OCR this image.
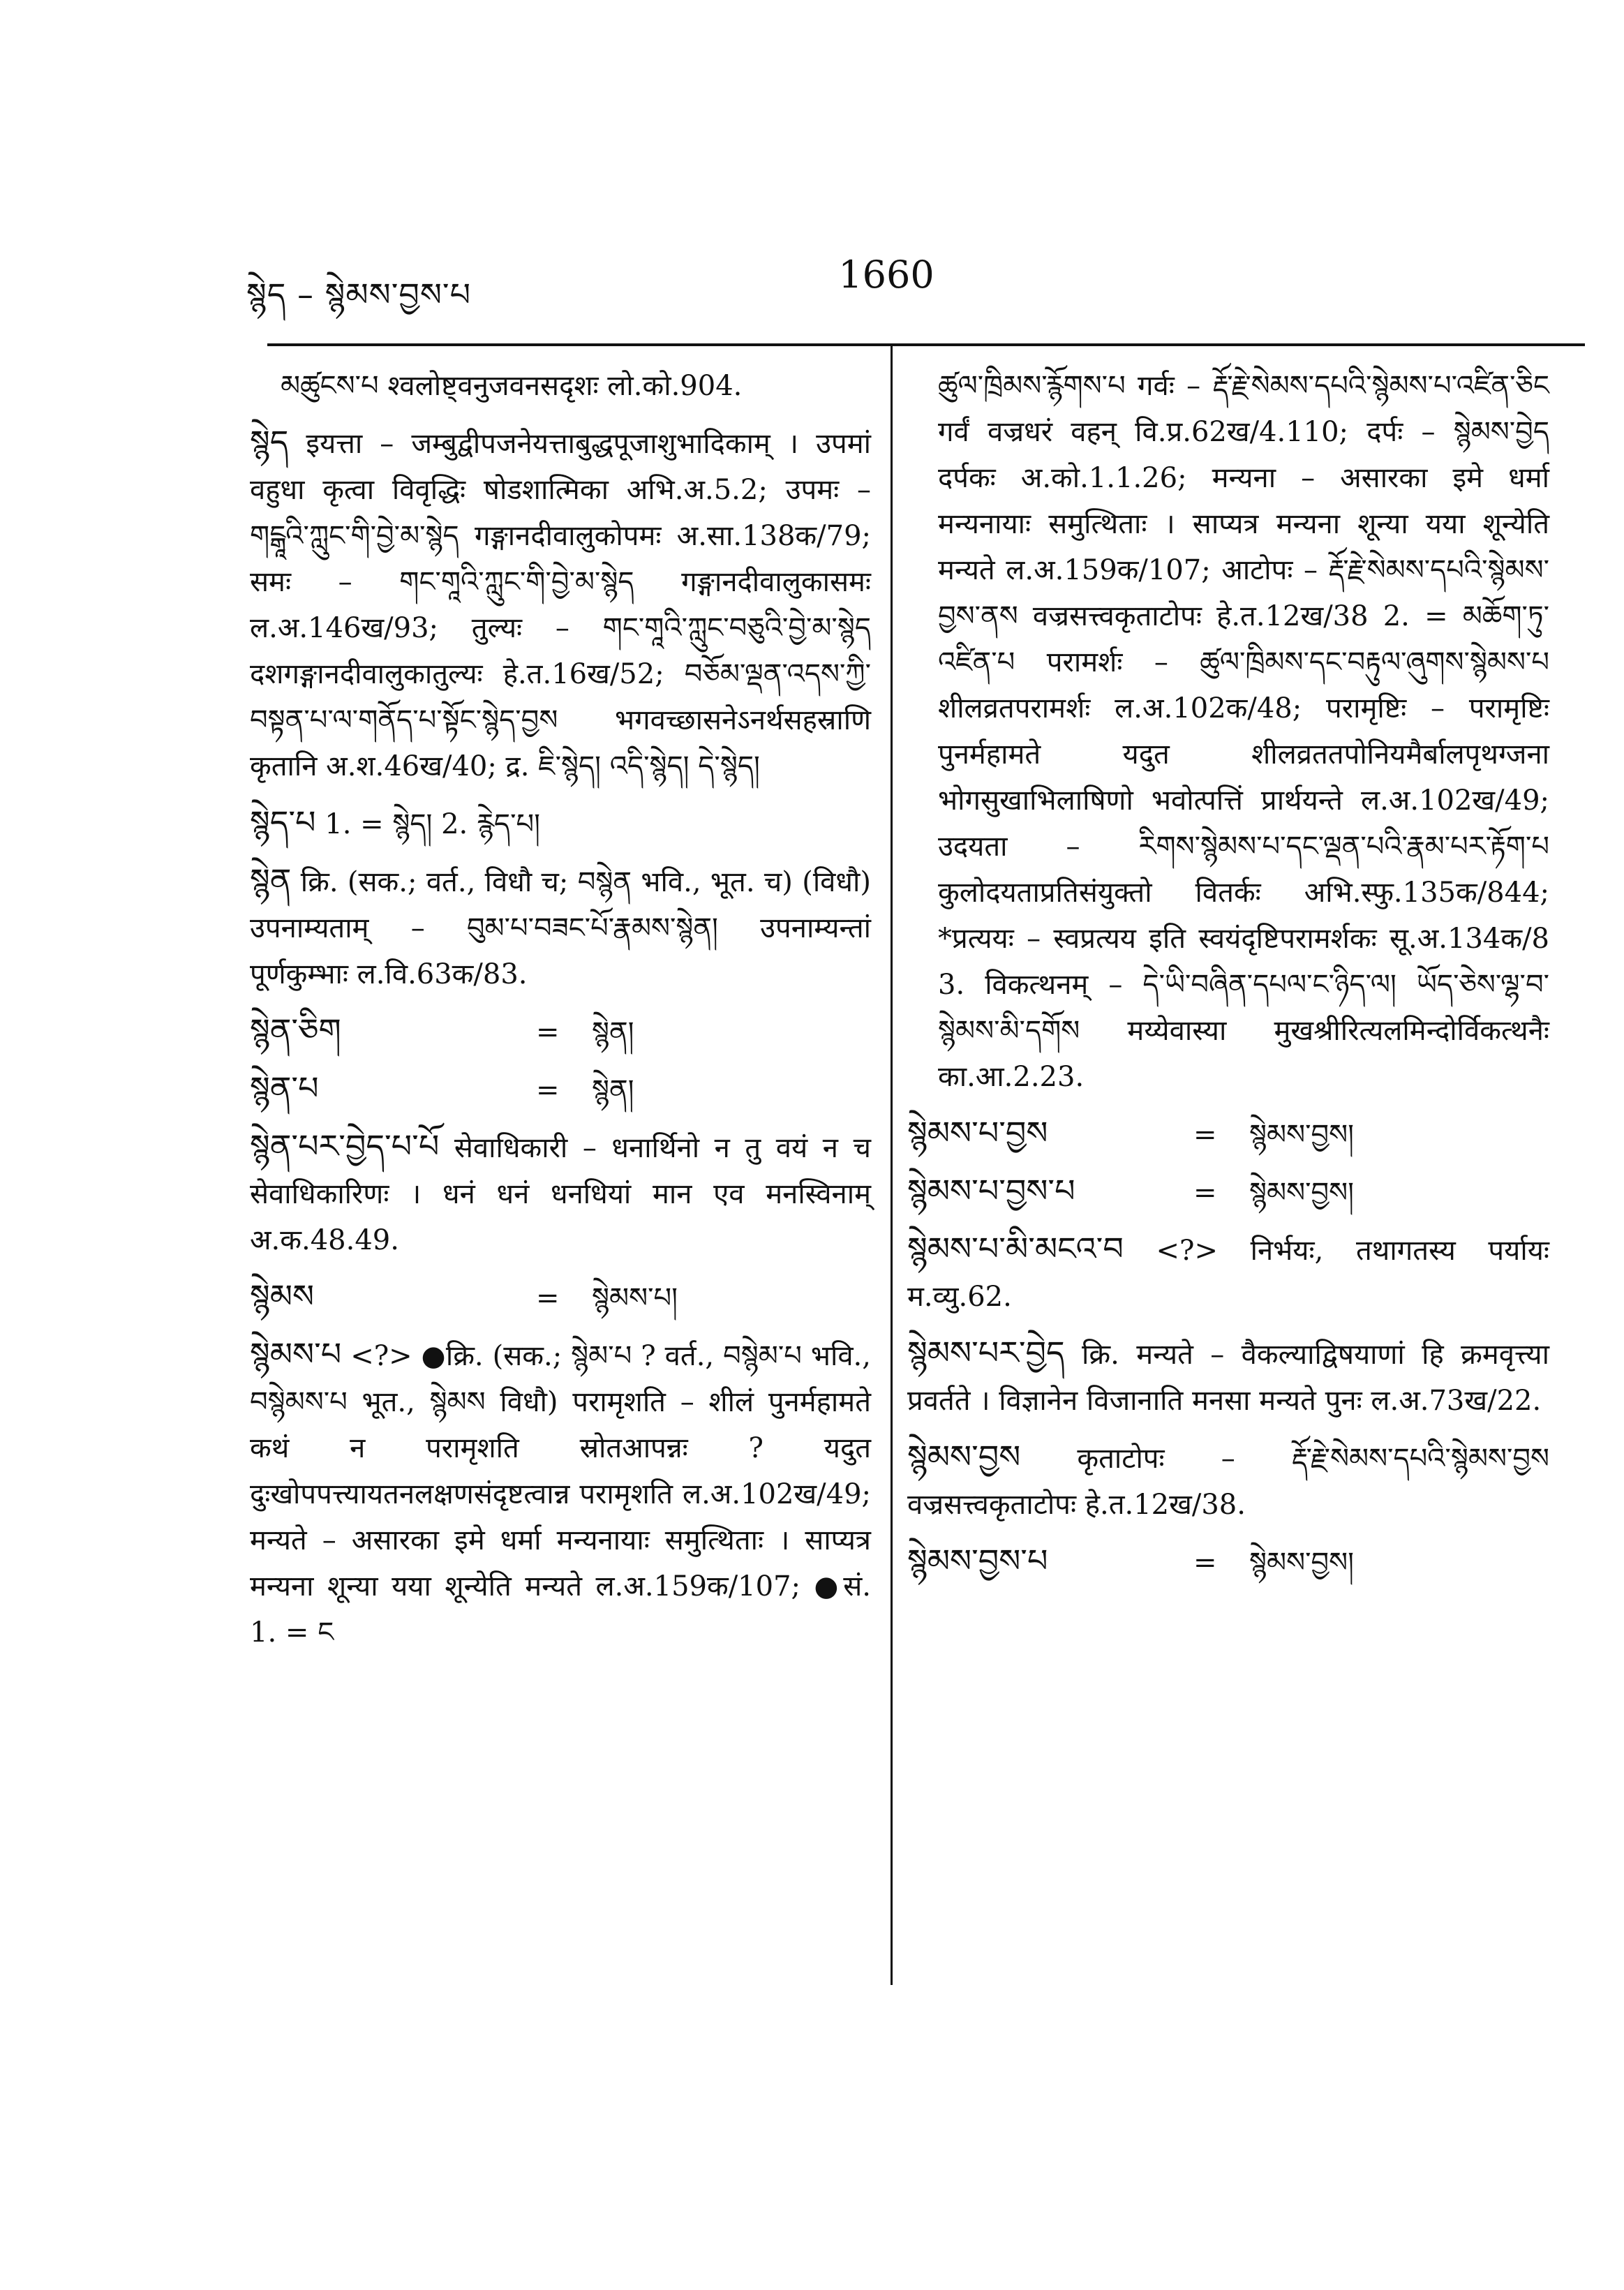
སྙེད – སྙེམས་བྱས་པ	1660
མཚུངས་པ श्वलोष्ट्वनुजवनसदृशः लो.को.904.
སྙེད इयत्ता – जम्बुद्वीपजनेयत्ताबुद्धपूजाशुभादिकाम् । उपमां वहुधा कृत्वा विवृद्धिः षोडशात्मिका अभि.अ.5.2; उपमः – གངྒཱའི་ཀླུང་གི་བྱེ་མ་སྙེད गङ्गानदीवालुकोपमः अ.सा.138क/79; समः – གང་གཱའི་ཀླུང་གི་བྱེ་མ་སྙེད गङ्गानदीवालुकासमः ल.अ.146ख/93; तुल्यः – གང་གཱའི་ཀླུང་བཅུའི་བྱེ་མ་སྙེད दशगङ्गानदीवालुकातुल्यः हे.त.16ख/52; བཅོམ་ལྡན་འདས་ཀྱི་བསྟན་པ་ལ་གནོད་པ་སྟོང་སྙེད་བྱས भगवच्छासनेऽनर्थसहस्राणि कृतानि अ.श.46ख/40; द्र. ཇི་སྙེད། འདི་སྙེད། དེ་སྙེད།
སྙེད་པ 1. = སྙེད། 2. རྙེད་པ།
སྙེན क्रि. (सक.; वर्त., विधौ च; བསྙེན भवि., भूत. च) (विधौ) उपनाम्यताम् – བུམ་པ་བཟང་པོ་རྣམས་སྙེན། उपनाम्यन्तां पूर्णकुम्भाः ल.वि.63क/83.
སྙེན་ཅིག	=	སྙེན།
སྙེན་པ	=	སྙེན།
སྙེན་པར་བྱེད་པ་པོ सेवाधिकारी – धनार्थिनो न तु वयं न च सेवाधिकारिणः । धनं धनं धनधियां मान एव मनस्विनाम् अ.क.48.49.
སྙེམས	=	སྙེམས་པ།
སྙེམས་པ <?> ●क्रि. (सक.; སྙེམ་པ ? वर्त., བསྙེམ་པ भवि., བསྙེམས་པ भूत., སྙེམས विधौ) परामृशति – शीलं पुनर्महामते कथं न परामृशति स्रोतआपन्नः ? यदुत दुःखोपपत्त्यायतनलक्षणसंदृष्टत्वान्न परामृशति ल.अ.102ख/49; मन्यते – असारका इमे धर्मा मन्यनायाः समुत्थिताः । साप्यत्र मन्यना शून्या यया शून्येति मन्यते ल.अ.159क/107; ●सं. 1. = ང
ཚུལ་ཁྲིམས་རྙོགས་པ गर्वः – རྡོ་རྗེ་སེམས་དཔའི་སྙེམས་པ་འཛིན་ཅིང गर्वं वज्रधरं वहन् वि.प्र.62ख/4.110; दर्पः – སྙེམས་བྱེད दर्पकः अ.को.1.1.26; मन्यना – असारका इमे धर्मा मन्यनायाः समुत्थिताः । साप्यत्र मन्यना शून्या यया शून्येति मन्यते ल.अ.159क/107; आटोपः – རྡོ་རྗེ་སེམས་དཔའི་སྙེམས་བྱས་ནས वज्रसत्त्वकृताटोपः हे.त.12ख/38 2. = མཆོག་ཏུ་འཛིན་པ परामर्शः – ཚུལ་ཁྲིམས་དང་བརྟུལ་ཞུགས་སྙེམས་པ शीलव्रतपरामर्शः ल.अ.102क/48; परामृष्टिः – परामृष्टिः पुनर्महामते यदुत शीलव्रततपोनियमैर्बालपृथग्जना भोगसुखाभिलाषिणो भवोत्पत्तिं प्रार्थयन्ते ल.अ.102ख/49; उदयता – རིགས་སྙེམས་པ་དང་ལྡན་པའི་རྣམ་པར་རྟོག་པ कुलोदयताप्रतिसंयुक्तो वितर्कः अभि.स्फु.135क/844; *प्रत्ययः – स्वप्रत्यय इति स्वयंदृष्टिपरामर्शकः सू.अ.134क/8 3. विकत्थनम् – དེ་ཡི་བཞིན་དཔལ་ང་ཉིད་ལ། ཡོད་ཅེས་ལྷ་བ་སྙེམས་མི་དགོས मय्येवास्या मुखश्रीरित्यलमिन्दोर्विकत्थनैः का.आ.2.23.
སྙེམས་པ་བྱས	=	སྙེམས་བྱས།
སྙེམས་པ་བྱས་པ	=	སྙེམས་བྱས།
སྙེམས་པ་མི་མངའ་བ <?> निर्भयः, तथागतस्य पर्यायः म.व्यु.62.
སྙེམས་པར་བྱེད क्रि. मन्यते – वैकल्याद्विषयाणां हि क्रमवृत्त्या प्रवर्तते । विज्ञानेन विजानाति मनसा मन्यते पुनः ल.अ.73ख/22.
སྙེམས་བྱས कृताटोपः – རྡོ་རྗེ་སེམས་དཔའི་སྙེམས་བྱས वज्रसत्त्वकृताटोपः हे.त.12ख/38.
སྙེམས་བྱས་པ	=	སྙེམས་བྱས།
